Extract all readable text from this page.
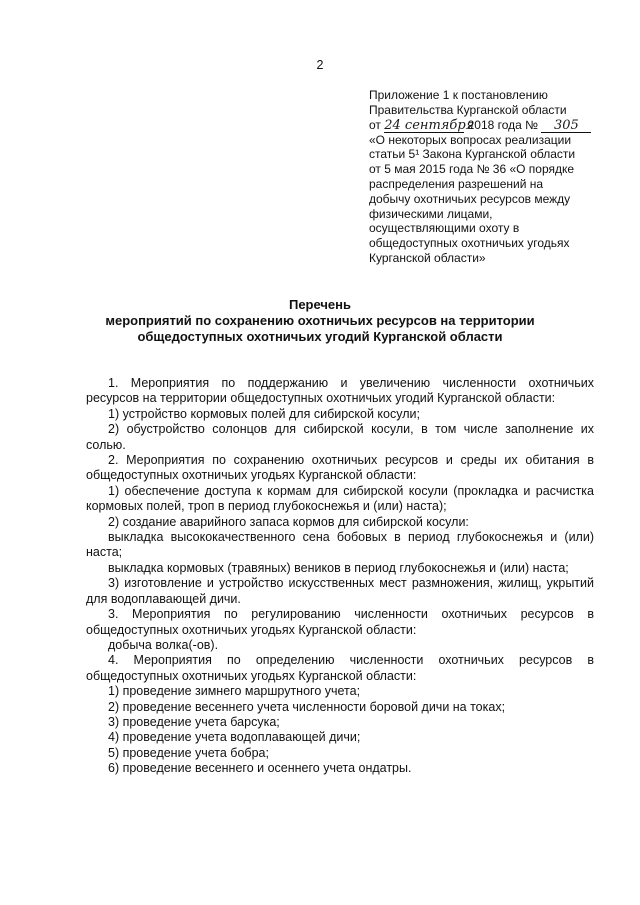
2
Приложение 1 к постановлению
Правительства Курганской области
от 24 сентября 2018 года № 305
«О некоторых вопросах реализации
статьи 5¹ Закона Курганской области
от 5 мая 2015 года № 36 «О порядке
распределения разрешений на
добычу охотничьих ресурсов между
физическими лицами,
осуществляющими охоту в
общедоступных охотничьих угодьях
Курганской области»
Перечень
мероприятий по сохранению охотничьих ресурсов на территории
общедоступных охотничьих угодий Курганской области

1. Мероприятия по поддержанию и увеличению численности охотничьих

ресурсов на территории общедоступных охотничьих угодий Курганской области:

1) устройство кормовых полей для сибирской косули;

2) обустройство солонцов для сибирской косули, в том числе заполнение их

солью.

2. Мероприятия по сохранению охотничьих ресурсов и среды их обитания в

общедоступных охотничьих угодьях Курганской области:

1) обеспечение доступа к кормам для сибирской косули (прокладка и расчистка

кормовых полей, троп в период глубокоснежья и (или) наста);

2) создание аварийного запаса кормов для сибирской косули:

выкладка высококачественного сена бобовых в период глубокоснежья и (или)

наста;

выкладка кормовых (травяных) веников в период глубокоснежья и (или) наста;

3) изготовление и устройство искусственных мест размножения, жилищ, укрытий

для водоплавающей дичи.

3. Мероприятия по регулированию численности охотничьих ресурсов в

общедоступных охотничьих угодьях Курганской области:

добыча волка(-ов).

4. Мероприятия по определению численности охотничьих ресурсов в

общедоступных охотничьих угодьях Курганской области:

1) проведение зимнего маршрутного учета;

2) проведение весеннего учета численности боровой дичи на токах;

3) проведение учета барсука;

4) проведение учета водоплавающей дичи;

5) проведение учета бобра;

6) проведение весеннего и осеннего учета ондатры.
